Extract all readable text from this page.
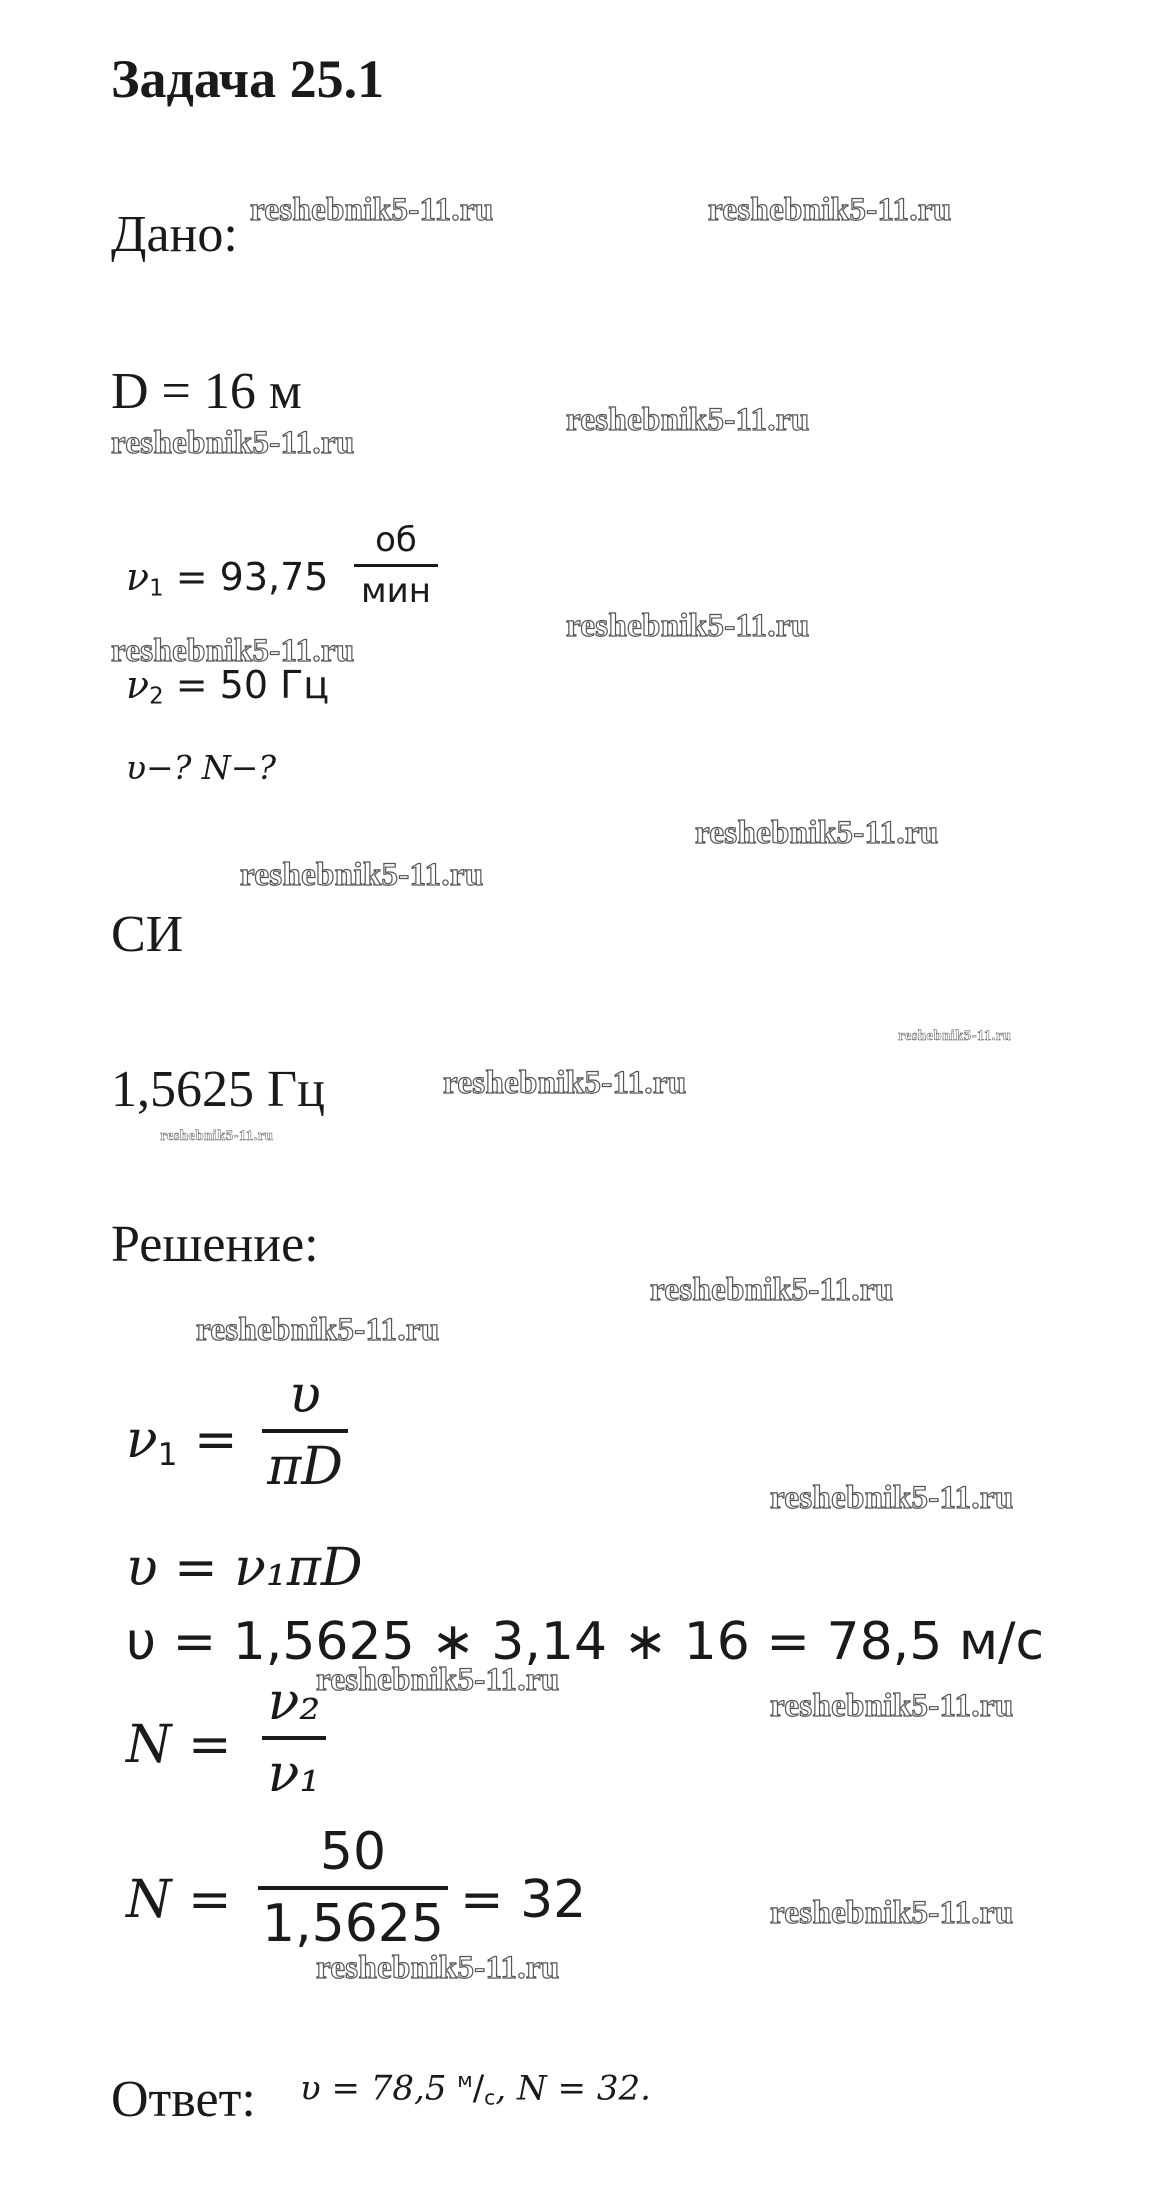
Задача 25.1
Дано:
D = 16 м
$\nu_1 = 93,75$
об
мин
$\nu_2 = 50$ Гц
υ−? N−?
СИ
1,5625 Гц
Решение:
$\nu_1$ =
υ
πD
υ = ν₁πD
υ = 1,5625 ∗ 3,14 ∗ 16 = 78,5 м/с
N =
ν₂
ν₁
N =
50
1,5625 = 32
Ответ: υ = 78,5 $^м/_с$, N = 32.
reshebnik5-11.ru	reshebnik5-11.ru
reshebnik5-11.ru
reshebnik5-11.ru
reshebnik5-11.ru
reshebnik5-11.ru
reshebnik5-11.ru
reshebnik5-11.ru
reshebnik5-11.ru
reshebnik5-11.ru
reshebnik5-11.ru
reshebnik5-11.ru
reshebnik5-11.ru
reshebnik5-11.ru
reshebnik5-11.ru
reshebnik5-11.ru
reshebnik5-11.ru
reshebnik5-11.ru
